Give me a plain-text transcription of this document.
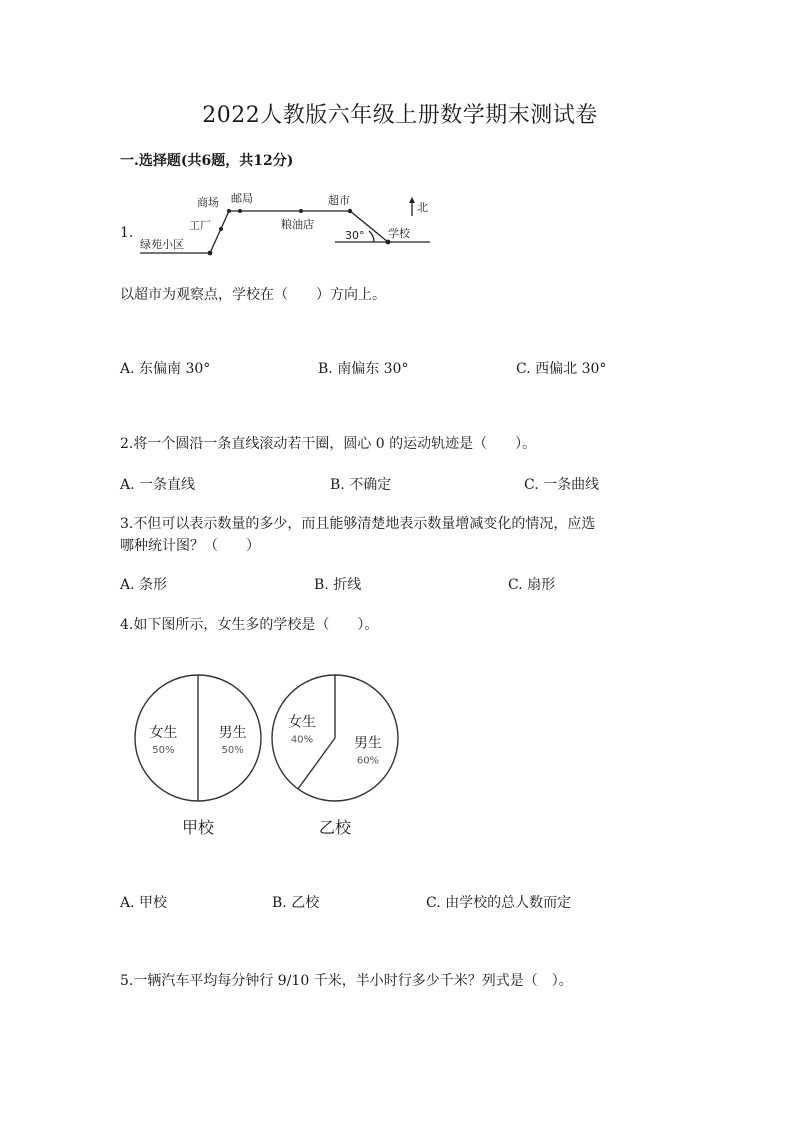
2022人教版六年级上册数学期末测试卷
一.选择题(共6题，共12分)
1.
商场 邮局	超市
工厂	粮油店
绿苑小区
学校
30°
北
以超市为观察点，学校在（　　）方向上。
A. 东偏南 30°	B. 南偏东 30°	C. 西偏北 30°
2.将一个圆沿一条直线滚动若干圈，圆心 0 的运动轨迹是（　　）。
A. 一条直线	B. 不确定	C. 一条曲线
3.不但可以表示数量的多少，而且能够清楚地表示数量增减变化的情况，应选
哪种统计图？（　　）
A. 条形	B. 折线	C. 扇形
4.如下图所示，女生多的学校是（　　）。
女生
50%
男生
50%
甲校
女生
40%	男生
60%
乙校
A. 甲校	B. 乙校	C. 由学校的总人数而定
5.一辆汽车平均每分钟行 9/10 千米，半小时行多少千米？列式是（　）。
